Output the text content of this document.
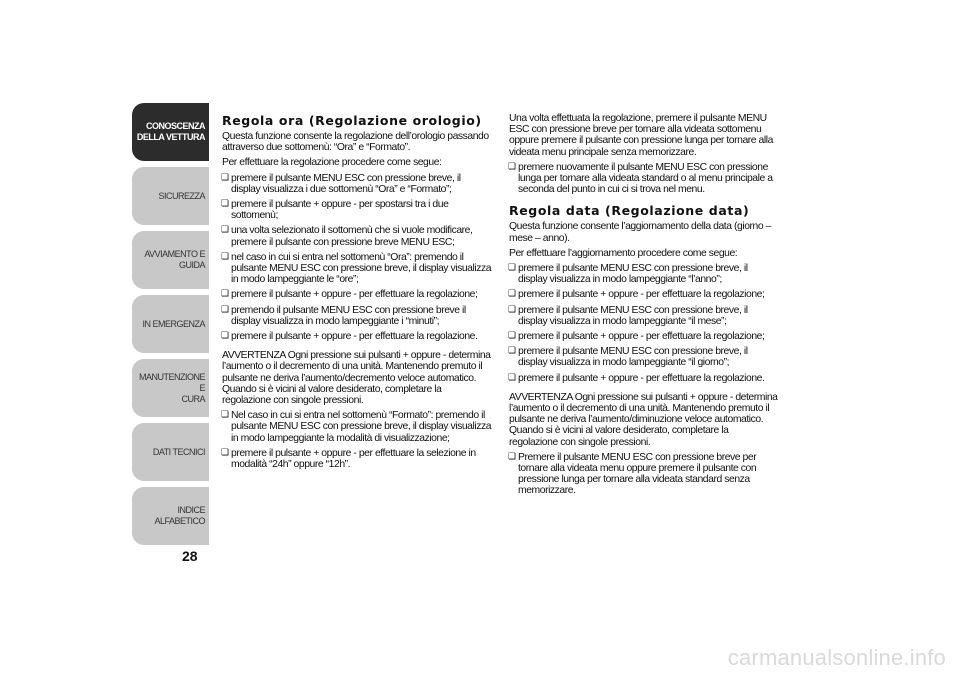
CONOSCENZA
DELLA VETTURA
SICUREZZA
AVVIAMENTO E
GUIDA
IN EMERGENZA
MANUTENZIONE E
CURA
DATI TECNICI
INDICE ALFABETICO
28
Regola ora (Regolazione orologio)

Questa funzione consente la regolazione dell’orologio passando attraverso due sottomenù: “Ora” e “Formato”.

Per effettuare la regolazione procedere come segue:

❏ premere il pulsante MENU ESC con pressione breve, il display visualizza i due sottomenù “Ora” e “Formato”;
❏ premere il pulsante + oppure - per spostarsi tra i due sottomenù;
❏ una volta selezionato il sottomenù che si vuole modificare, premere il pulsante con pressione breve MENU ESC;
❏ nel caso in cui si entra nel sottomenù “Ora”: premendo il pulsante MENU ESC con pressione breve, il display visualizza in modo lampeggiante le “ore”;
❏ premere il pulsante + oppure - per effettuare la regolazione;
❏ premendo il pulsante MENU ESC con pressione breve il display visualizza in modo lampeggiante i “minuti”;
❏ premere il pulsante + oppure - per effettuare la regolazione.

AVVERTENZA Ogni pressione sui pulsanti + oppure - determina l’aumento o il decremento di una unità. Mantenendo premuto il pulsante ne deriva l’aumento/decremento veloce automatico. Quando si è vicini al valore desiderato, completare la regolazione con singole pressioni.

❏ Nel caso in cui si entra nel sottomenù “Formato”: premendo il pulsante MENU ESC con pressione breve, il display visualizza in modo lampeggiante la modalità di visualizzazione;
❏ premere il pulsante + oppure - per effettuare la selezione in modalità “24h” oppure “12h”.

Una volta effettuata la regolazione, premere il pulsante MENU ESC con pressione breve per tornare alla videata sottomenu oppure premere il pulsante con pressione lunga per tornare alla videata menu principale senza memorizzare.

❏ premere nuovamente il pulsante MENU ESC con pressione lunga per tornare alla videata standard o al menu principale a seconda del punto in cui ci si trova nel menu.
Regola data (Regolazione data)

Questa funzione consente l’aggiornamento della data (giorno – mese – anno).

Per effettuare l’aggiornamento procedere come segue:

❏ premere il pulsante MENU ESC con pressione breve, il display visualizza in modo lampeggiante “l’anno”;
❏ premere il pulsante + oppure - per effettuare la regolazione;
❏ premere il pulsante MENU ESC con pressione breve, il display visualizza in modo lampeggiante “il mese”;
❏ premere il pulsante + oppure - per effettuare la regolazione;
❏ premere il pulsante MENU ESC con pressione breve, il display visualizza in modo lampeggiante “il giorno”;
❏ premere il pulsante + oppure - per effettuare la regolazione.

AVVERTENZA Ogni pressione sui pulsanti + oppure - determina l’aumento o il decremento di una unità. Mantenendo premuto il pulsante ne deriva l’aumento/diminuzione veloce automatico. Quando si è vicini al valore desiderato, completare la regolazione con singole pressioni.

❏ Premere il pulsante MENU ESC con pressione breve per tornare alla videata menu oppure premere il pulsante con pressione lunga per tornare alla videata standard senza memorizzare.
carmanualsonline.info
